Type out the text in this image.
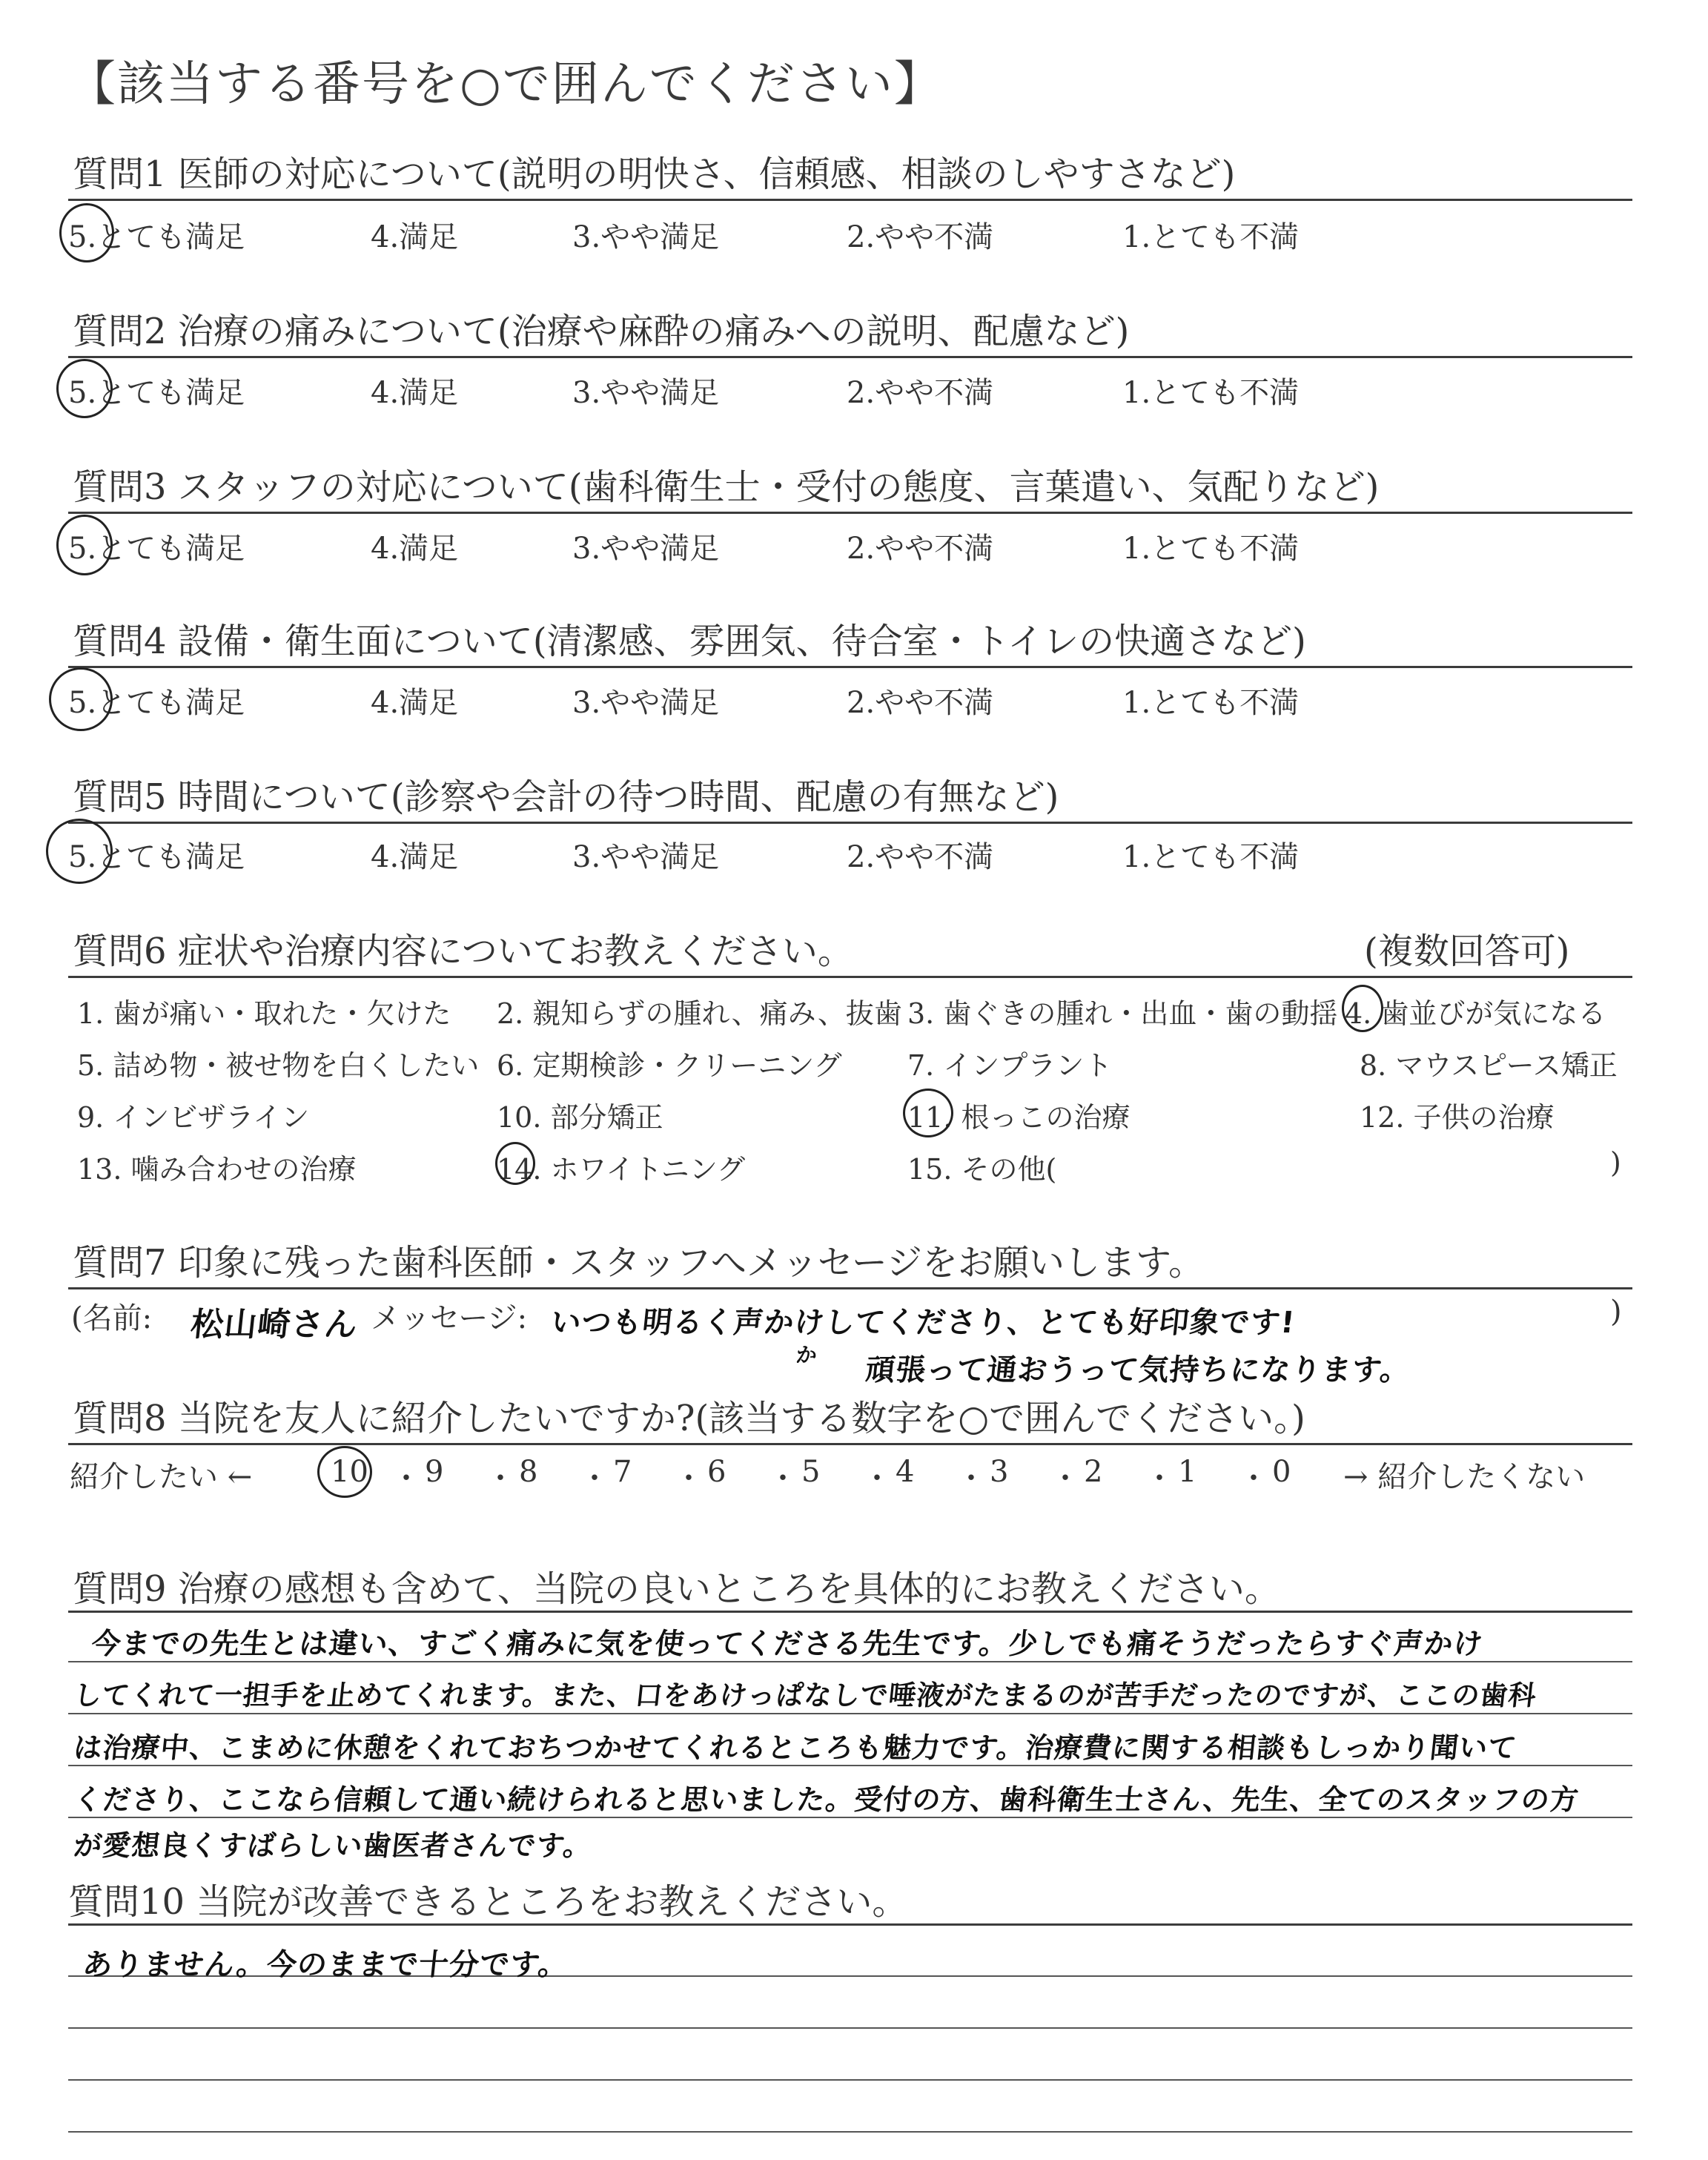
【該当する番号を○で囲んでください】
質問1 医師の対応について(説明の明快さ、信頼感、相談のしやすさなど)
5.とても満足	4.満足	3.やや満足	2.やや不満	1.とても不満
質問2 治療の痛みについて(治療や麻酔の痛みへの説明、配慮など)
5.とても満足	4.満足	3.やや満足	2.やや不満	1.とても不満
質問3 スタッフの対応について(歯科衛生士・受付の態度、言葉遣い、気配りなど)
5.とても満足	4.満足	3.やや満足	2.やや不満	1.とても不満
質問4 設備・衛生面について(清潔感、雰囲気、待合室・トイレの快適さなど)
5.とても満足	4.満足	3.やや満足	2.やや不満	1.とても不満
質問5 時間について(診察や会計の待つ時間、配慮の有無など)
5.とても満足	4.満足	3.やや満足	2.やや不満	1.とても不満
質問6 症状や治療内容についてお教えください。	(複数回答可)
1. 歯が痛い・取れた・欠けた 2. 親知らずの腫れ、痛み、抜歯 3. 歯ぐきの腫れ・出血・歯の動揺 4. 歯並びが気になる
5. 詰め物・被せ物を白くしたい 6. 定期検診・クリーニング 7. インプラント	8. マウスピース矯正
9. インビザライン	10. 部分矯正	11. 根っこの治療	12. 子供の治療
13. 噛み合わせの治療	14. ホワイトニング	15. その他(	)
質問7 印象に残った歯科医師・スタッフへメッセージをお願いします。
(名前: 松山崎さん メッセージ: いつも明るく声かけしてくださり、とても好印象です!
か 頑張って通おうって気持ちになります。
)
質問8 当院を友人に紹介したいですか?(該当する数字を○で囲んでください。)
紹介したい ←	10 ・ 9 ・ 8 ・ 7 ・ 6 ・ 5 ・ 4 ・ 3 ・ 2 ・ 1 ・ 0 → 紹介したくない
質問9 治療の感想も含めて、当院の良いところを具体的にお教えください。
今までの先生とは違い、すごく痛みに気を使ってくださる先生です。少しでも痛そうだったらすぐ声かけ
してくれて一担手を止めてくれます。また、口をあけっぱなしで唾液がたまるのが苦手だったのですが、ここの歯科
は治療中、こまめに休憩をくれておちつかせてくれるところも魅力です。治療費に関する相談もしっかり聞いて
くださり、ここなら信頼して通い続けられると思いました。受付の方、歯科衛生士さん、先生、全てのスタッフの方
が愛想良くすばらしい歯医者さんです。
質問10 当院が改善できるところをお教えください。
ありません。今のままで十分です。
